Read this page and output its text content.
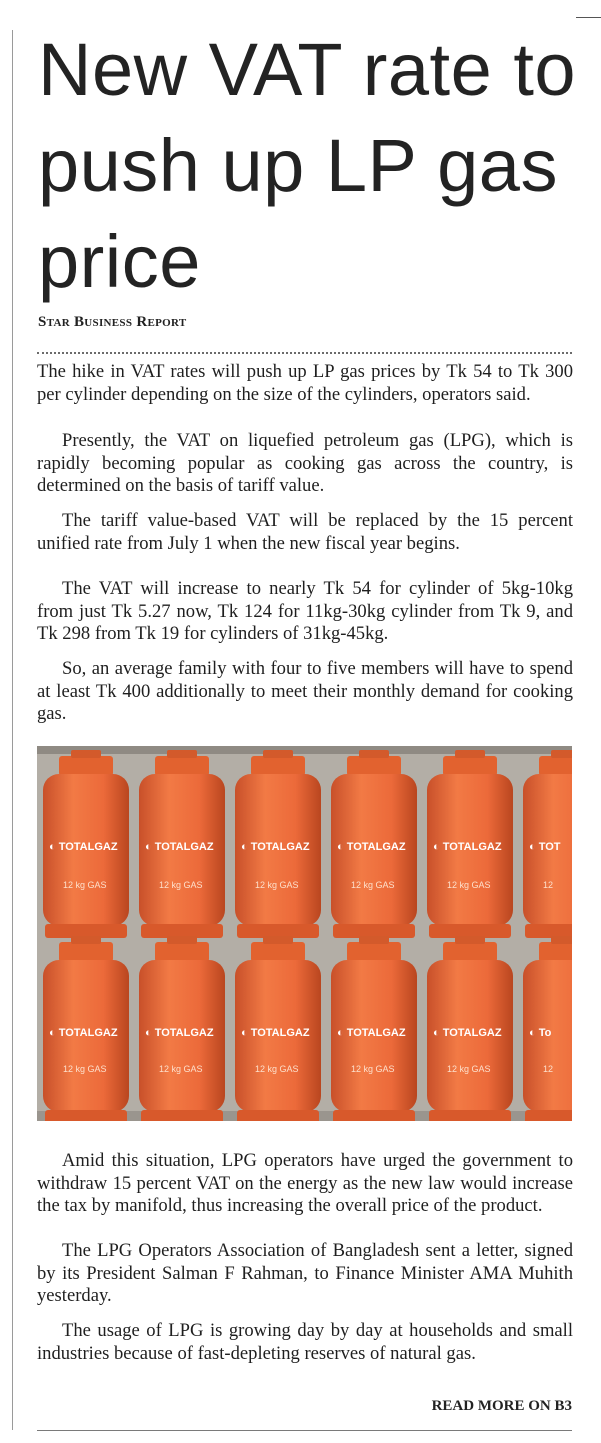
New VAT rate to push up LP gas price

Star Business Report

The hike in VAT rates will push up LP gas prices by Tk 54 to Tk 300 per cylinder depending on the size of the cylinders, operators said.

Presently, the VAT on liquefied petroleum gas (LPG), which is rapidly becoming popular as cooking gas across the country, is determined on the basis of tariff value.

The tariff value-based VAT will be replaced by the 15 percent unified rate from July 1 when the new fiscal year begins.

The VAT will increase to nearly Tk 54 for cylinder of 5kg-10kg from just Tk 5.27 now, Tk 124 for 11kg-30kg cylinder from Tk 9, and Tk 298 from Tk 19 for cylinders of 31kg-45kg.

So, an average family with four to five members will have to spend at least Tk 400 additionally to meet their monthly demand for cooking gas.

◐ TOTALGAZ ◐ TOTALGAZ ◐ TOTALGAZ ◐ TOTALGAZ ◐ TOTALGAZ ◐ TOT
◐ TOTALGAZ ◐ TOTALGAZ ◐ TOTALGAZ ◐ TOTALGAZ ◐ TOTALGAZ ◐ To
12 kg GAS	12 kg GAS	12 kg GAS	12 kg GAS	12 kg GAS	12
12 kg GAS	12 kg GAS	12 kg GAS	12 kg GAS	12 kg GAS	12

Amid this situation, LPG operators have urged the government to withdraw 15 percent VAT on the energy as the new law would increase the tax by manifold, thus increasing the overall price of the product.

The LPG Operators Association of Bangladesh sent a letter, signed by its President Salman F Rahman, to Finance Minister AMA Muhith yesterday.

The usage of LPG is growing day by day at households and small industries because of fast-depleting reserves of natural gas.

READ MORE ON B3
